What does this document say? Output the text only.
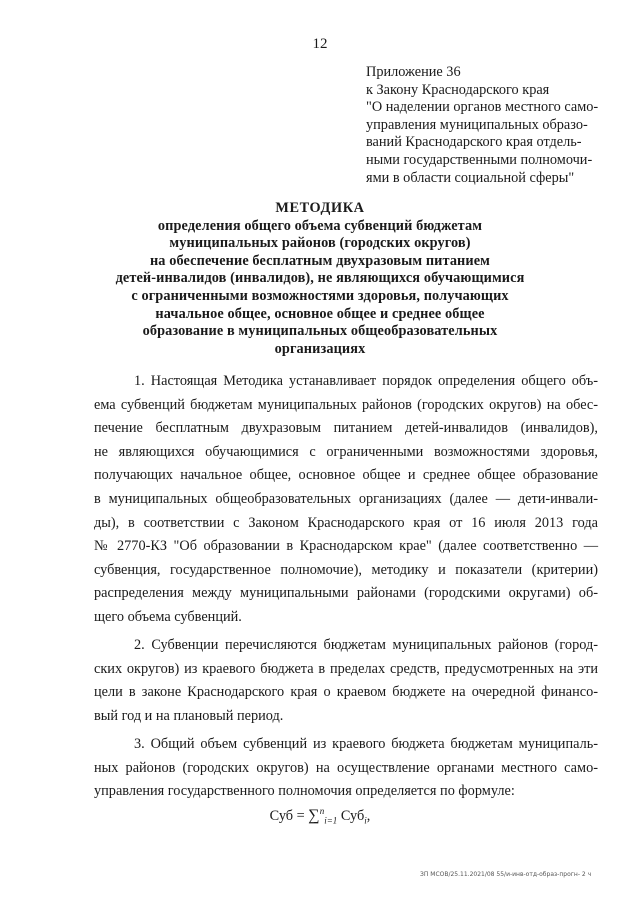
12
Приложение 36
к Закону Краснодарского края
"О наделении органов местного само-
управления муниципальных образо-
ваний Краснодарского края отдель-
ными государственными полномочи-
ями в области социальной сферы"
МЕТОДИКА
определения общего объема субвенций бюджетам
муниципальных районов (городских округов)
на обеспечение бесплатным двухразовым питанием
детей-инвалидов (инвалидов), не являющихся обучающимися
с ограниченными возможностями здоровья, получающих
начальное общее, основное общее и среднее общее
образование в муниципальных общеобразовательных
организациях
1. Настоящая Методика устанавливает порядок определения общего объ-
ема субвенций бюджетам муниципальных районов (городских округов) на обес-
печение бесплатным двухразовым питанием детей-инвалидов (инвалидов),
не являющихся обучающимися с ограниченными возможностями здоровья,
получающих начальное общее, основное общее и среднее общее образование
в муниципальных общеобразовательных организациях (далее — дети-инвали-
ды), в соответствии с Законом Краснодарского края от 16 июля 2013 года
№ 2770-КЗ "Об образовании в Краснодарском крае" (далее соответственно —
субвенция, государственное полномочие), методику и показатели (критерии)
распределения между муниципальными районами (городскими округами) об-
щего объема субвенций.
2. Субвенции перечисляются бюджетам муниципальных районов (город-
ских округов) из краевого бюджета в пределах средств, предусмотренных на эти
цели в законе Краснодарского края о краевом бюджете на очередной финансо-
вый год и на плановый период.
3. Общий объем субвенций из краевого бюджета бюджетам муниципаль-
ных районов (городских округов) на осуществление органами местного само-
управления государственного полномочия определяется по формуле:
Суб = ∑$^n_{i=1}$ Суб$_i$,
ЗП МСОВ/25.11.2021/08 55/и-инв-отд-образ-прогн- 2 ч
